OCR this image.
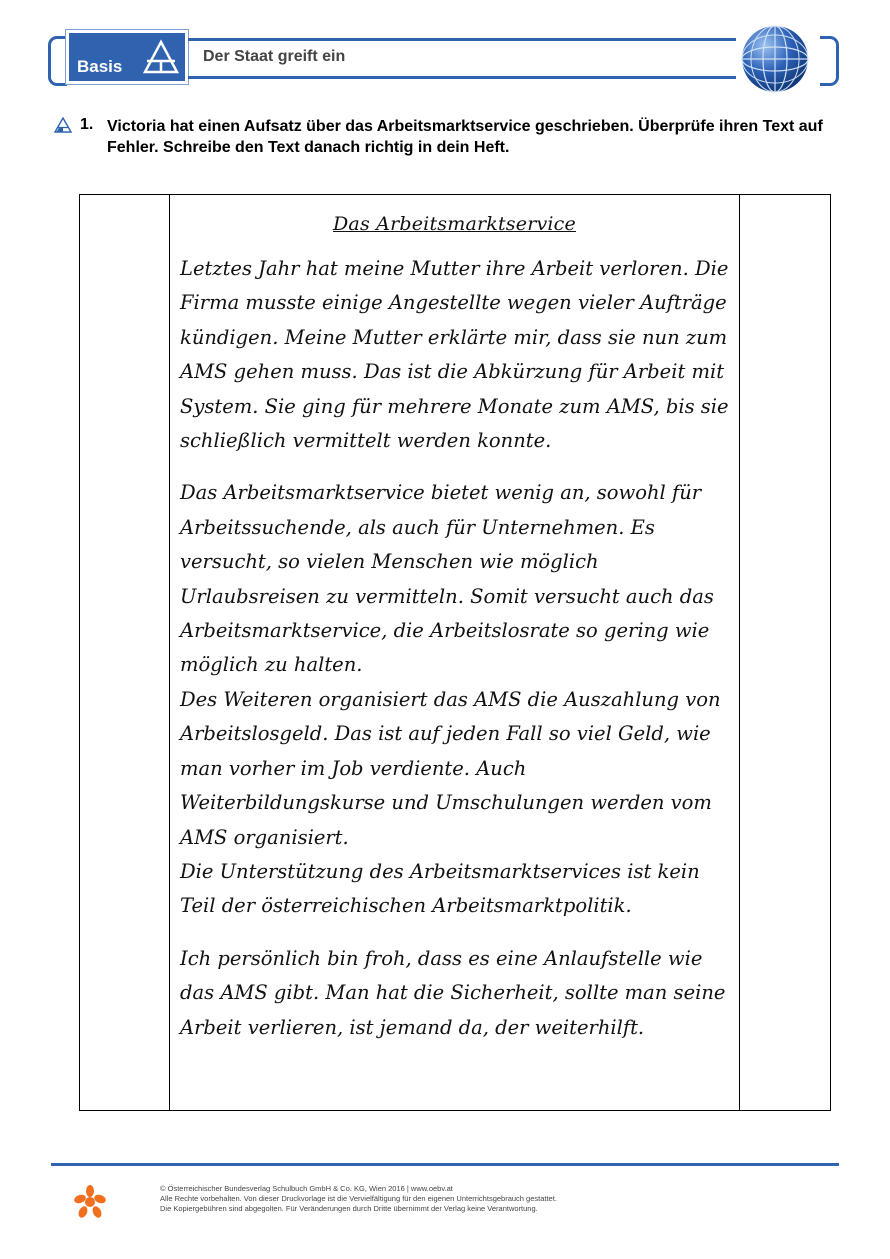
Basis
Der Staat greift ein
1. Victoria hat einen Aufsatz über das Arbeitsmarktservice geschrieben. Überprüfe ihren Text auf Fehler. Schreibe den Text danach richtig in dein Heft.
Das Arbeitsmarktservice

Letztes Jahr hat meine Mutter ihre Arbeit verloren. Die Firma musste einige Angestellte wegen vieler Aufträge kündigen. Meine Mutter erklärte mir, dass sie nun zum AMS gehen muss. Das ist die Abkürzung für Arbeit mit System. Sie ging für mehrere Monate zum AMS, bis sie schließlich vermittelt werden konnte.

Das Arbeitsmarktservice bietet wenig an, sowohl für Arbeitssuchende, als auch für Unternehmen. Es versucht, so vielen Menschen wie möglich Urlaubsreisen zu vermitteln. Somit versucht auch das Arbeitsmarktservice, die Arbeitslosrate so gering wie möglich zu halten.

Des Weiteren organisiert das AMS die Auszahlung von Arbeitslosgeld. Das ist auf jeden Fall so viel Geld, wie man vorher im Job verdiente. Auch Weiterbildungskurse und Umschulungen werden vom AMS organisiert.

Die Unterstützung des Arbeitsmarktservices ist kein Teil der österreichischen Arbeitsmarktpolitik.

Ich persönlich bin froh, dass es eine Anlaufstelle wie das AMS gibt. Man hat die Sicherheit, sollte man seine Arbeit verlieren, ist jemand da, der weiterhilft.

© Österreichischer Bundesverlag Schulbuch GmbH & Co. KG, Wien 2016 | www.oebv.at
Alle Rechte vorbehalten. Von dieser Druckvorlage ist die Vervielfältigung für den eigenen Unterrichtsgebrauch gestattet.
Die Kopiergebühren sind abgegolten. Für Veränderungen durch Dritte übernimmt der Verlag keine Verantwortung.
